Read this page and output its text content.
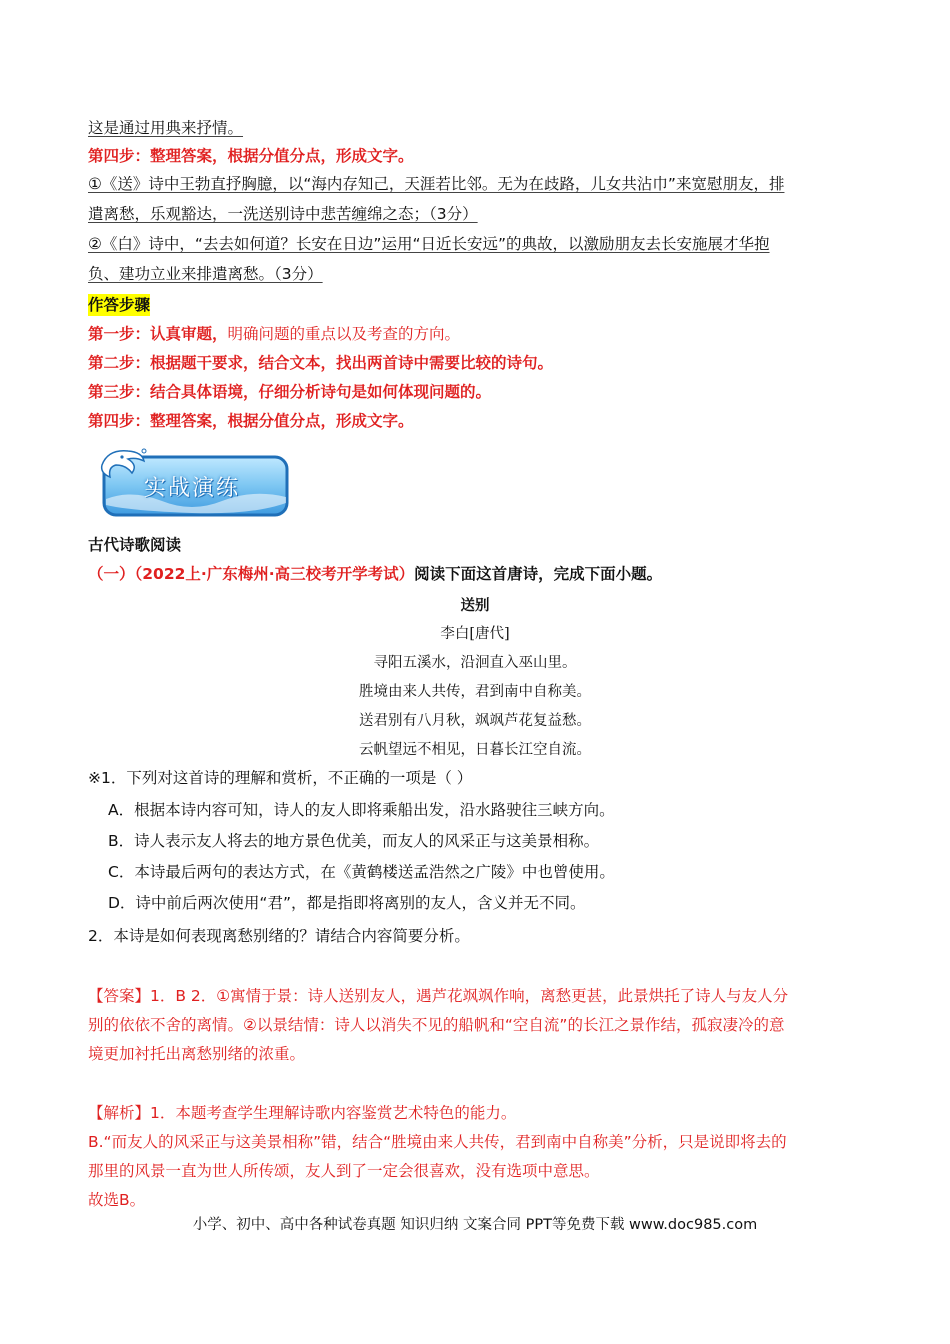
这是通过用典来抒情。
第四步：整理答案，根据分值分点，形成文字。
①《送》诗中王勃直抒胸臆，以“海内存知己，天涯若比邻。无为在歧路，儿女共沾巾”来宽慰朋友，排
遣离愁，乐观豁达，一洗送别诗中悲苦缠绵之态；（3分）
②《白》诗中，“去去如何道？长安在日边”运用“日近长安远”的典故，以激励朋友去长安施展才华抱
负、建功立业来排遣离愁。（3分）
作答步骤
第一步：认真审题，明确问题的重点以及考查的方向。
第二步：根据题干要求，结合文本，找出两首诗中需要比较的诗句。
第三步：结合具体语境，仔细分析诗句是如何体现问题的。
第四步：整理答案，根据分值分点，形成文字。
实战演练
古代诗歌阅读
（一）（2022上·广东梅州·高三校考开学考试）阅读下面这首唐诗，完成下面小题。
送别
李白[唐代]
寻阳五溪水，沿洄直入巫山里。
胜境由来人共传，君到南中自称美。
送君别有八月秋，飒飒芦花复益愁。
云帆望远不相见，日暮长江空自流。
※1．下列对这首诗的理解和赏析，不正确的一项是（ ）
A．根据本诗内容可知，诗人的友人即将乘船出发，沿水路驶往三峡方向。
B．诗人表示友人将去的地方景色优美，而友人的风采正与这美景相称。
C．本诗最后两句的表达方式，在《黄鹤楼送孟浩然之广陵》中也曾使用。
D．诗中前后两次使用“君”，都是指即将离别的友人，含义并无不同。
2．本诗是如何表现离愁别绪的？请结合内容简要分析。
【答案】1．B 2．①寓情于景：诗人送别友人，遇芦花飒飒作响，离愁更甚，此景烘托了诗人与友人分
别的依依不舍的离情。②以景结情：诗人以消失不见的船帆和“空自流”的长江之景作结，孤寂凄冷的意
境更加衬托出离愁别绪的浓重。
【解析】1．本题考查学生理解诗歌内容鉴赏艺术特色的能力。
B.“而友人的风采正与这美景相称”错，结合“胜境由来人共传，君到南中自称美”分析，只是说即将去的
那里的风景一直为世人所传颂，友人到了一定会很喜欢，没有选项中意思。
故选B。
小学、初中、高中各种试卷真题 知识归纳 文案合同 PPT等免费下载 www.doc985.com
